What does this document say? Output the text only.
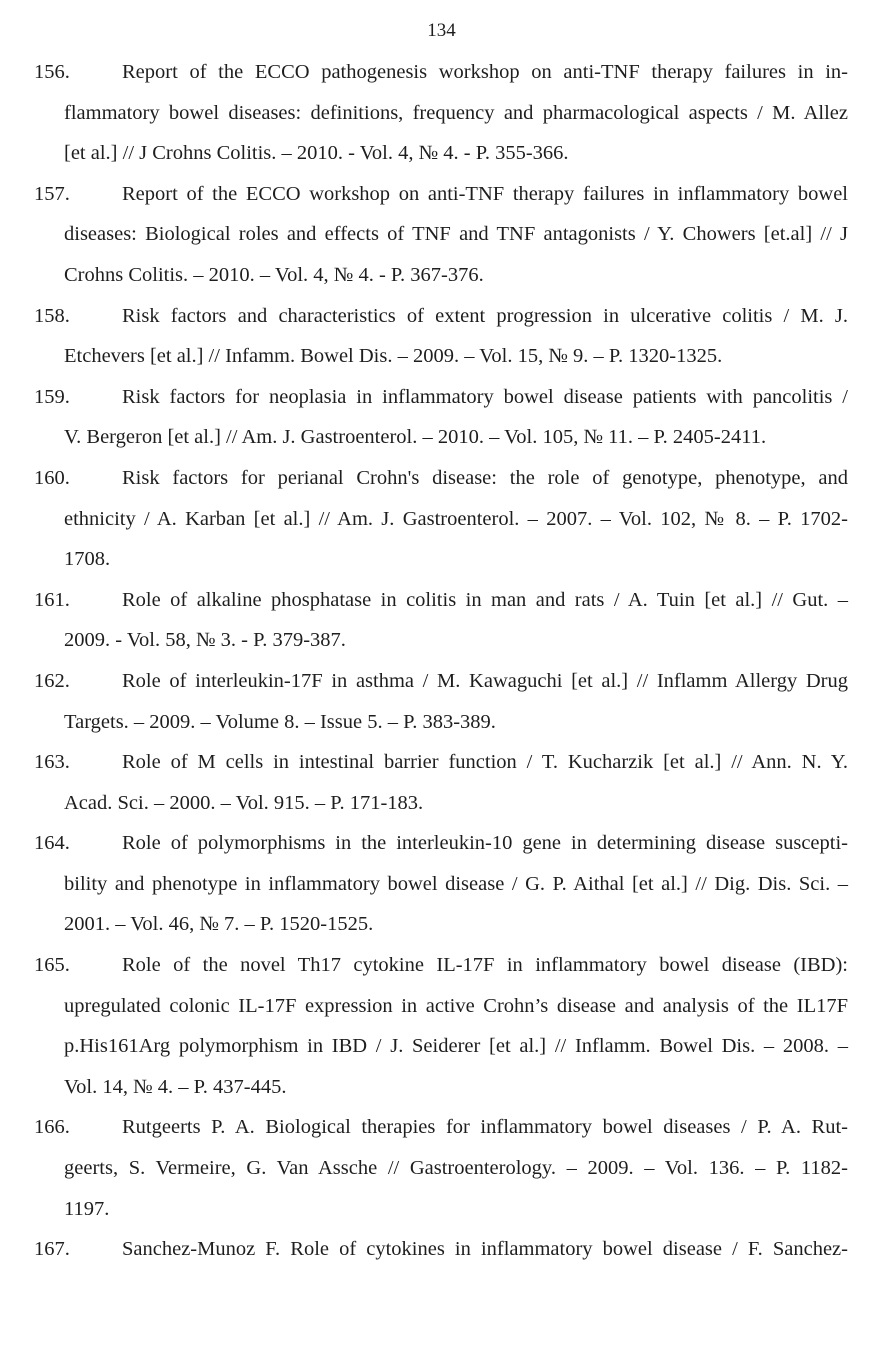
134
156.	Report of the ECCO pathogenesis workshop on anti-TNF therapy failures in in-
flammatory bowel diseases: definitions, frequency and pharmacological aspects / M. Allez
[et al.] // J Crohns Colitis. – 2010. - Vol. 4, № 4. - P. 355-366.
157.	Report of the ECCO workshop on anti-TNF therapy failures in inflammatory bowel
diseases: Biological roles and effects of TNF and TNF antagonists / Y. Chowers [et.al] // J
Crohns Colitis. – 2010. – Vol. 4, № 4. - P. 367-376.
158.	Risk factors and characteristics of extent progression in ulcerative colitis / M. J.
Etchevers [et al.] // Infamm. Bowel Dis. – 2009. – Vol. 15, № 9. – P. 1320-1325.
159.	Risk factors for neoplasia in inflammatory bowel disease patients with pancolitis /
V. Bergeron [et al.] // Am. J. Gastroenterol. – 2010. – Vol. 105, № 11. – P. 2405-2411.
160.	Risk factors for perianal Crohn's disease: the role of genotype, phenotype, and
ethnicity / A. Karban [et al.] // Am. J. Gastroenterol. – 2007. – Vol. 102, № 8. – P. 1702-
1708.
161.	Role of alkaline phosphatase in colitis in man and rats / A. Tuin [et al.] // Gut. –
2009. - Vol. 58, № 3. - P. 379-387.
162.	Role of interleukin-17F in asthma / M. Kawaguchi [et al.] // Inflamm Allergy Drug
Targets. – 2009. – Volume 8. – Issue 5. – P. 383-389.
163.	Role of M cells in intestinal barrier function / T. Kucharzik [et al.] // Ann. N. Y.
Acad. Sci. – 2000. – Vol. 915. – P. 171-183.
164.	Role of polymorphisms in the interleukin-10 gene in determining disease suscepti-
bility and phenotype in inflammatory bowel disease / G. P. Aithal [et al.] // Dig. Dis. Sci. –
2001. – Vol. 46, № 7. – P. 1520-1525.
165.	Role of the novel Th17 cytokine IL-17F in inflammatory bowel disease (IBD):
upregulated colonic IL-17F expression in active Crohn’s disease and analysis of the IL17F
p.His161Arg polymorphism in IBD / J. Seiderer [et al.] // Inflamm. Bowel Dis. – 2008. –
Vol. 14, № 4. – P. 437-445.
166.	Rutgeerts P. A. Biological therapies for inflammatory bowel diseases / P. A. Rut-
geerts, S. Vermeire, G. Van Assche // Gastroenterology. – 2009. – Vol. 136. – P. 1182-
1197.
167.	Sanchez-Munoz F. Role of cytokines in inflammatory bowel disease / F. Sanchez-
